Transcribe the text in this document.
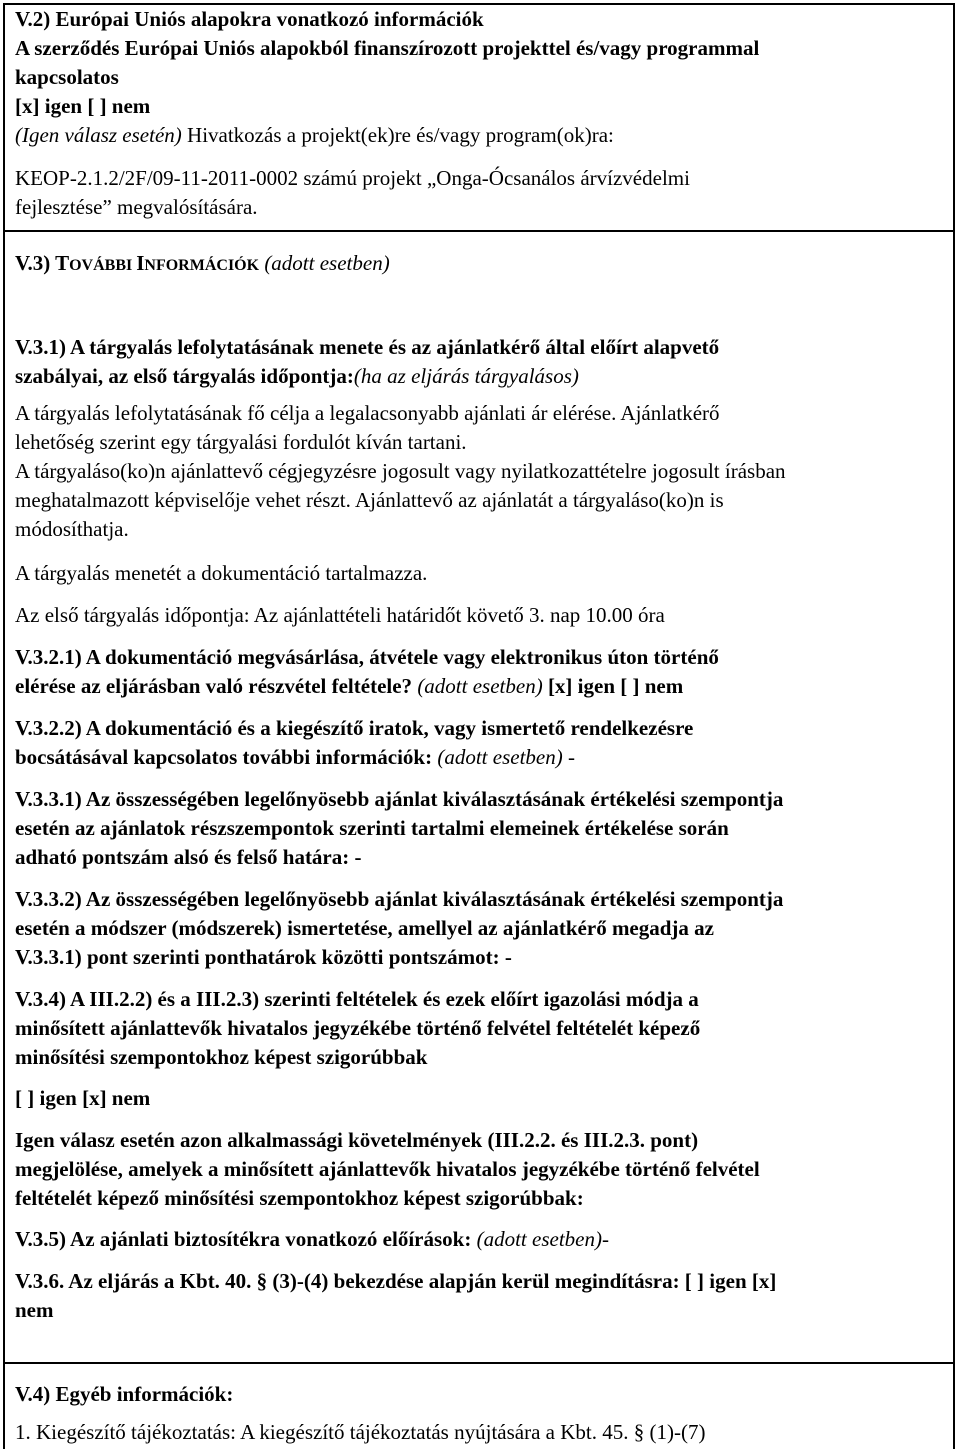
V.2) Európai Uniós alapokra vonatkozó információk

A szerződés Európai Uniós alapokból finanszírozott projekttel és/vagy programmal

kapcsolatos

[x] igen [ ] nem

(Igen válasz esetén) Hivatkozás a projekt(ek)re és/vagy program(ok)ra:

KEOP-2.1.2/2F/09-11-2011-0002 számú projekt „Onga-Ócsanálos árvízvédelmi

fejlesztése” megvalósítására.

V.3) TOVÁBBI INFORMÁCIÓK (adott esetben)

V.3.1) A tárgyalás lefolytatásának menete és az ajánlatkérő által előírt alapvető

szabályai, az első tárgyalás időpontja:(ha az eljárás tárgyalásos)

A tárgyalás lefolytatásának fő célja a legalacsonyabb ajánlati ár elérése. Ajánlatkérő

lehetőség szerint egy tárgyalási fordulót kíván tartani.

A tárgyaláso(ko)n ajánlattevő cégjegyzésre jogosult vagy nyilatkozattételre jogosult írásban

meghatalmazott képviselője vehet részt. Ajánlattevő az ajánlatát a tárgyaláso(ko)n is

módosíthatja.

A tárgyalás menetét a dokumentáció tartalmazza.

Az első tárgyalás időpontja: Az ajánlattételi határidőt követő 3. nap 10.00 óra

V.3.2.1) A dokumentáció megvásárlása, átvétele vagy elektronikus úton történő

elérése az eljárásban való részvétel feltétele? (adott esetben) [x] igen [ ] nem

V.3.2.2) A dokumentáció és a kiegészítő iratok, vagy ismertető rendelkezésre

bocsátásával kapcsolatos további információk: (adott esetben) -

V.3.3.1) Az összességében legelőnyösebb ajánlat kiválasztásának értékelési szempontja

esetén az ajánlatok részszempontok szerinti tartalmi elemeinek értékelése során

adható pontszám alsó és felső határa: -

V.3.3.2) Az összességében legelőnyösebb ajánlat kiválasztásának értékelési szempontja

esetén a módszer (módszerek) ismertetése, amellyel az ajánlatkérő megadja az

V.3.3.1) pont szerinti ponthatárok közötti pontszámot: -

V.3.4) A III.2.2) és a III.2.3) szerinti feltételek és ezek előírt igazolási módja a

minősített ajánlattevők hivatalos jegyzékébe történő felvétel feltételét képező

minősítési szempontokhoz képest szigorúbbak

[ ] igen [x] nem

Igen válasz esetén azon alkalmassági követelmények (III.2.2. és III.2.3. pont)

megjelölése, amelyek a minősített ajánlattevők hivatalos jegyzékébe történő felvétel

feltételét képező minősítési szempontokhoz képest szigorúbbak:

V.3.5) Az ajánlati biztosítékra vonatkozó előírások: (adott esetben)-

V.3.6. Az eljárás a Kbt. 40. § (3)-(4) bekezdése alapján kerül megindításra: [ ] igen [x]

nem

V.4) Egyéb információk:

1. Kiegészítő tájékoztatás: A kiegészítő tájékoztatás nyújtására a Kbt. 45. § (1)-(7)
